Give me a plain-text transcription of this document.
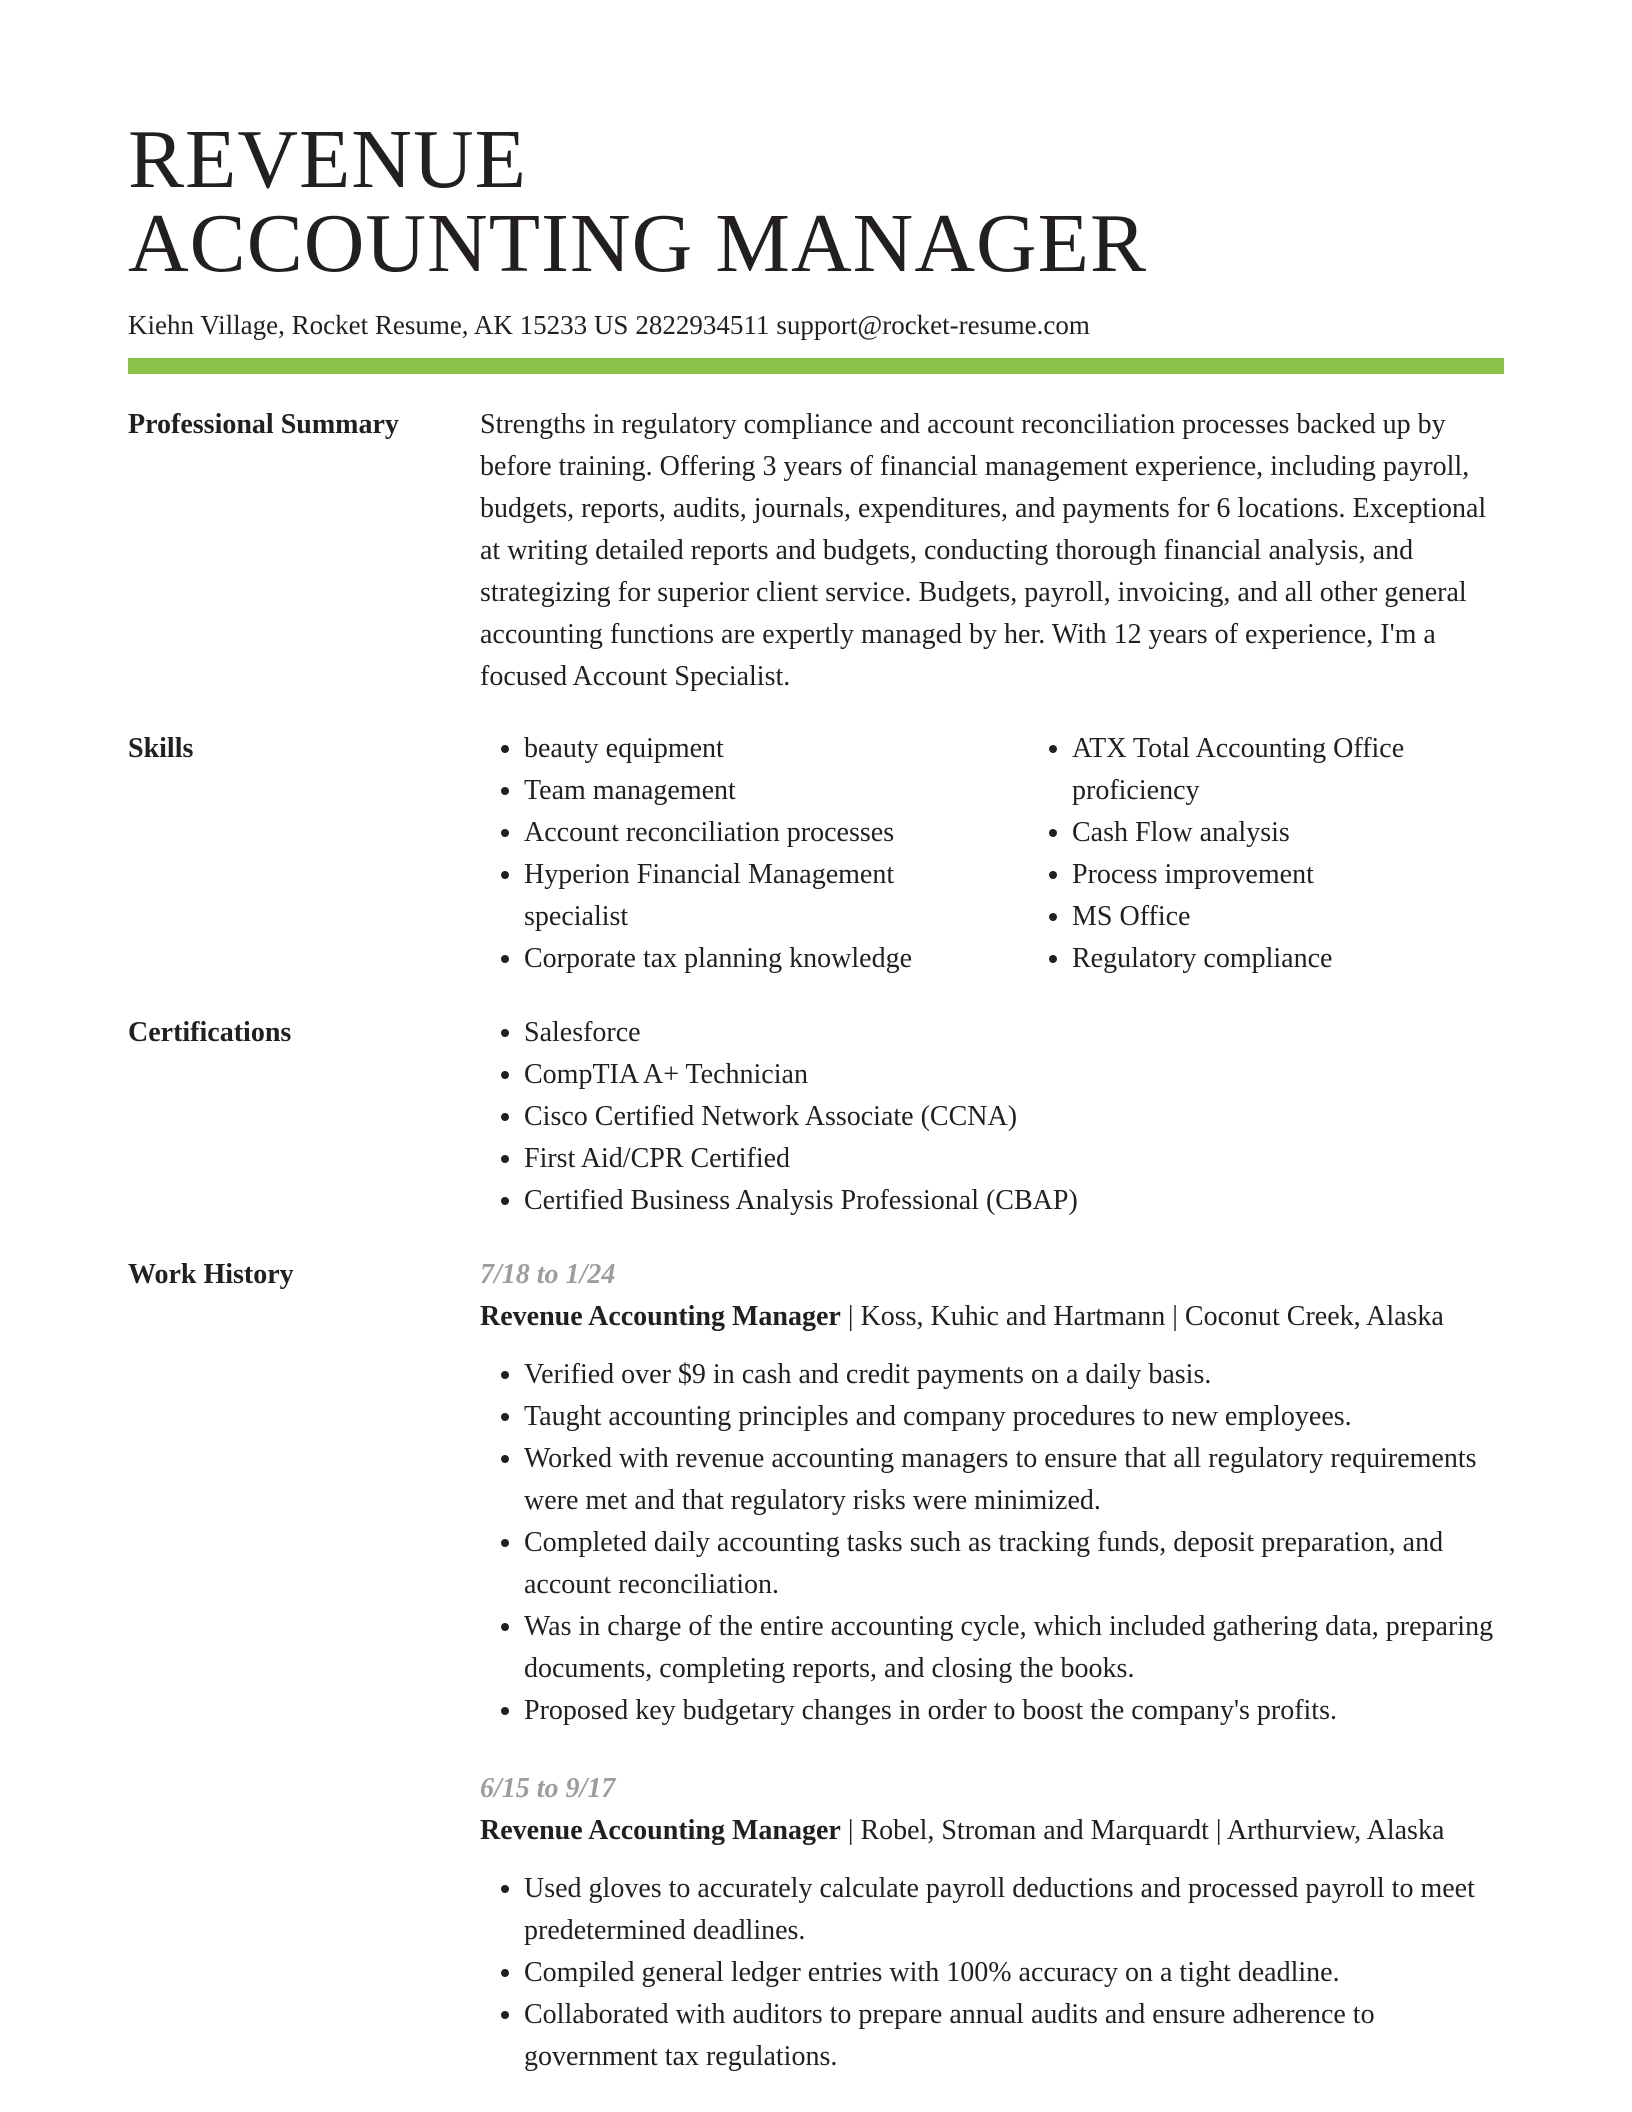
REVENUE
ACCOUNTING MANAGER
Kiehn Village, Rocket Resume, AK 15233 US 2822934511 support@rocket-resume.com
Professional Summary	Strengths in regulatory compliance and account reconciliation processes backed up by before training. Offering 3 years of financial management experience, including payroll, budgets, reports, audits, journals, expenditures, and payments for 6 locations. Exceptional at writing detailed reports and budgets, conducting thorough financial analysis, and strategizing for superior client service. Budgets, payroll, invoicing, and all other general accounting functions are expertly managed by her. With 12 years of experience, I'm a focused Account Specialist.
Skills	• beauty equipment
• Team management
• Account reconciliation processes
• Hyperion Financial Management specialist
• Corporate tax planning knowledge
• ATX Total Accounting Office proficiency
• Cash Flow analysis
• Process improvement
• MS Office
• Regulatory compliance
Certifications	• Salesforce
• CompTIA A+ Technician
• Cisco Certified Network Associate (CCNA)
• First Aid/CPR Certified
• Certified Business Analysis Professional (CBAP)
Work History	7/18 to 1/24
Revenue Accounting Manager | Koss, Kuhic and Hartmann | Coconut Creek, Alaska
• Verified over $9 in cash and credit payments on a daily basis.
• Taught accounting principles and company procedures to new employees.
• Worked with revenue accounting managers to ensure that all regulatory requirements were met and that regulatory risks were minimized.
• Completed daily accounting tasks such as tracking funds, deposit preparation, and account reconciliation.
• Was in charge of the entire accounting cycle, which included gathering data, preparing documents, completing reports, and closing the books.
• Proposed key budgetary changes in order to boost the company's profits.
6/15 to 9/17
Revenue Accounting Manager | Robel, Stroman and Marquardt | Arthurview, Alaska
• Used gloves to accurately calculate payroll deductions and processed payroll to meet predetermined deadlines.
• Compiled general ledger entries with 100% accuracy on a tight deadline.
• Collaborated with auditors to prepare annual audits and ensure adherence to government tax regulations.
